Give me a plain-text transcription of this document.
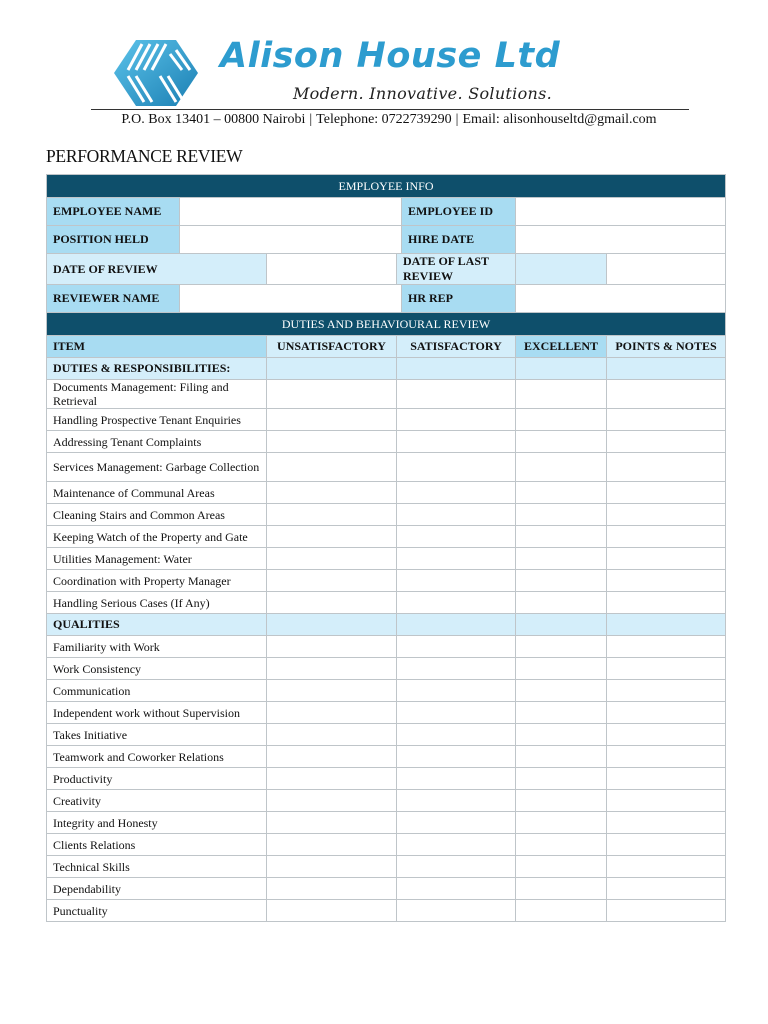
Alison House Ltd
Modern. Innovative. Solutions.
P.O. Box 13401 – 00800 Nairobi | Telephone: 0722739290 | Email: alisonhouseltd@gmail.com
PERFORMANCE REVIEW
EMPLOYEE INFO						
EMPLOYEE NAME				EMPLOYEE ID		
POSITION HELD				HIRE DATE		
DATE OF REVIEW			DATE OF LAST REVIEW			
REVIEWER NAME				HR REP		
DUTIES AND BEHAVIOURAL REVIEW						
ITEM		UNSATISFACTORY	SATISFACTORY		EXCELLENT	POINTS & NOTES
DUTIES & RESPONSIBILITIES:						
Documents Management: Filing and Retrieval						
Handling Prospective Tenant Enquiries						
Addressing Tenant Complaints						
Services Management: Garbage Collection						
Maintenance of Communal Areas						
Cleaning Stairs and Common Areas						
Keeping Watch of the Property and Gate						
Utilities Management: Water						
Coordination with Property Manager						
Handling Serious Cases (If Any)						
QUALITIES						
Familiarity with Work						
Work Consistency						
Communication						
Independent work without Supervision						
Takes Initiative						
Teamwork and Coworker Relations						
Productivity						
Creativity						
Integrity and Honesty						
Clients Relations						
Technical Skills						
Dependability						
Punctuality						
